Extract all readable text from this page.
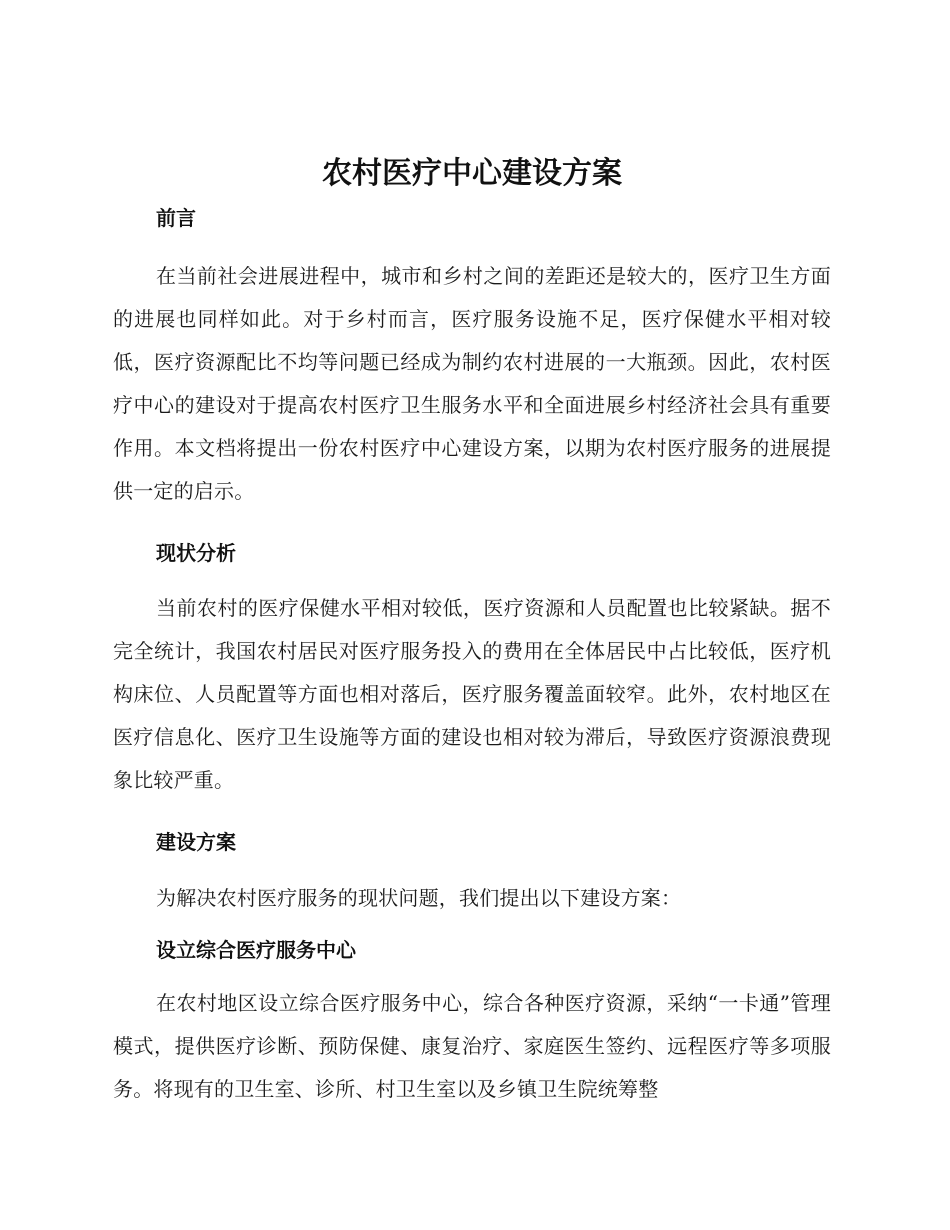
农村医疗中心建设方案
前言

在当前社会进展进程中，城市和乡村之间的差距还是较大的，医疗卫生方面的进展也同样如此。对于乡村而言，医疗服务设施不足，医疗保健水平相对较低，医疗资源配比不均等问题已经成为制约农村进展的一大瓶颈。因此，农村医疗中心的建设对于提高农村医疗卫生服务水平和全面进展乡村经济社会具有重要作用。本文档将提出一份农村医疗中心建设方案，以期为农村医疗服务的进展提供一定的启示。

现状分析

当前农村的医疗保健水平相对较低，医疗资源和人员配置也比较紧缺。据不完全统计，我国农村居民对医疗服务投入的费用在全体居民中占比较低，医疗机构床位、人员配置等方面也相对落后，医疗服务覆盖面较窄。此外，农村地区在医疗信息化、医疗卫生设施等方面的建设也相对较为滞后，导致医疗资源浪费现象比较严重。

建设方案

为解决农村医疗服务的现状问题，我们提出以下建设方案：

设立综合医疗服务中心

在农村地区设立综合医疗服务中心，综合各种医疗资源，采纳“一卡通”管理模式，提供医疗诊断、预防保健、康复治疗、家庭医生签约、远程医疗等多项服务。将现有的卫生室、诊所、村卫生室以及乡镇卫生院统筹整
